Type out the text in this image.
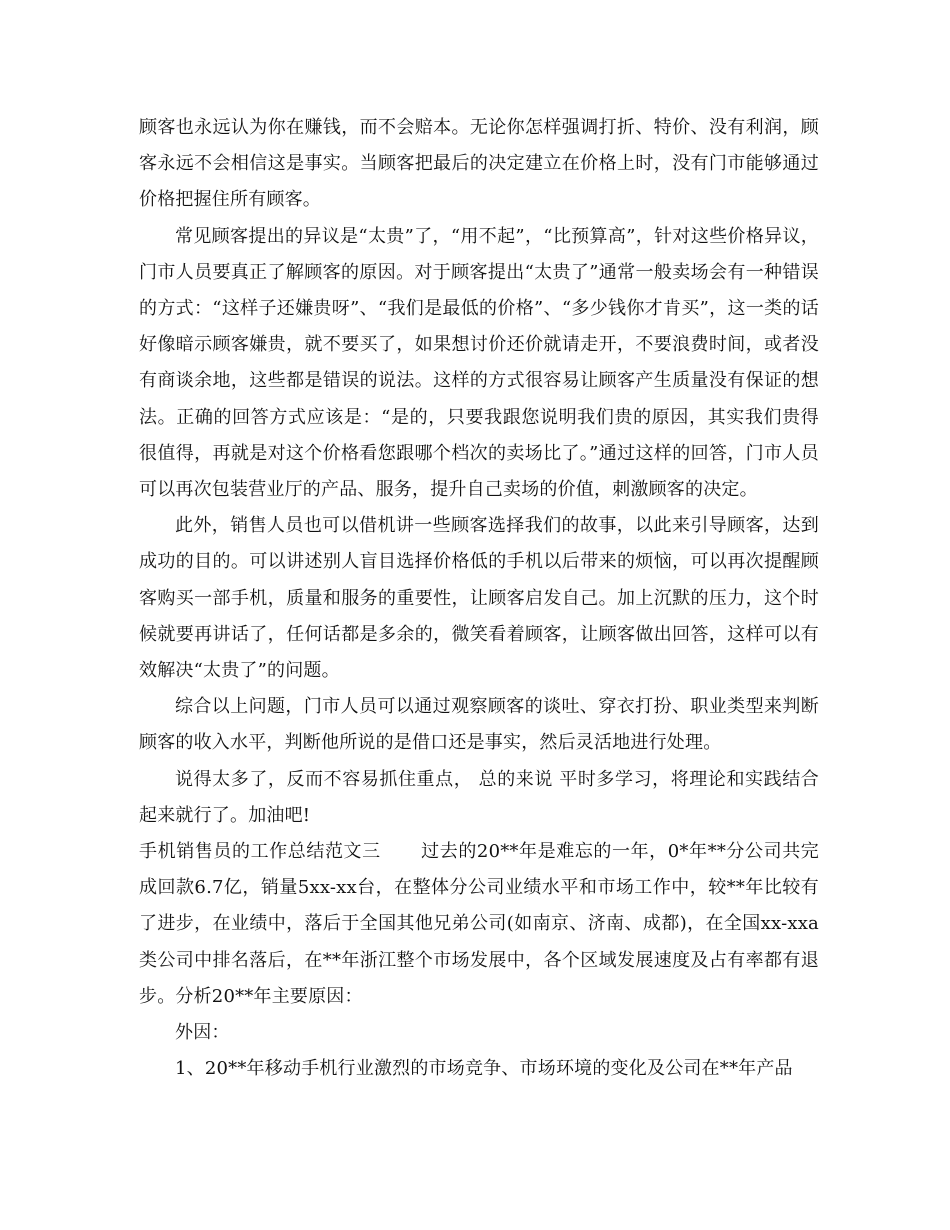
顾客也永远认为你在赚钱，而不会赔本。无论你怎样强调打折、特价、没有利润，顾客永远不会相信这是事实。当顾客把最后的决定建立在价格上时，没有门市能够通过价格把握住所有顾客。

常见顾客提出的异议是“太贵”了，“用不起”，“比预算高”，针对这些价格异议，门市人员要真正了解顾客的原因。对于顾客提出“太贵了”通常一般卖场会有一种错误的方式：“这样子还嫌贵呀”、“我们是最低的价格”、“多少钱你才肯买”，这一类的话好像暗示顾客嫌贵，就不要买了，如果想讨价还价就请走开，不要浪费时间，或者没有商谈余地，这些都是错误的说法。这样的方式很容易让顾客产生质量没有保证的想法。正确的回答方式应该是：“是的，只要我跟您说明我们贵的原因，其实我们贵得很值得，再就是对这个价格看您跟哪个档次的卖场比了。”通过这样的回答，门市人员可以再次包装营业厅的产品、服务，提升自己卖场的价值，刺激顾客的决定。

此外，销售人员也可以借机讲一些顾客选择我们的故事，以此来引导顾客，达到成功的目的。可以讲述别人盲目选择价格低的手机以后带来的烦恼，可以再次提醒顾客购买一部手机，质量和服务的重要性，让顾客启发自己。加上沉默的压力，这个时候就要再讲话了，任何话都是多余的，微笑看着顾客，让顾客做出回答，这样可以有效解决“太贵了”的问题。

综合以上问题，门市人员可以通过观察顾客的谈吐、穿衣打扮、职业类型来判断顾客的收入水平，判断他所说的是借口还是事实，然后灵活地进行处理。

说得太多了，反而不容易抓住重点， 总的来说 平时多学习，将理论和实践结合起来就行了。加油吧!

手机销售员的工作总结范文三 过去的20**年是难忘的一年，0*年**分公司共完成回款6.7亿，销量5xx-xx台，在整体分公司业绩水平和市场工作中，较**年比较有了进步，在业绩中，落后于全国其他兄弟公司(如南京、济南、成都)，在全国xx-xxa类公司中排名落后，在**年浙江整个市场发展中，各个区域发展速度及占有率都有退步。分析20**年主要原因：

外因：

1、20**年移动手机行业激烈的市场竞争、市场环境的变化及公司在**年产品
